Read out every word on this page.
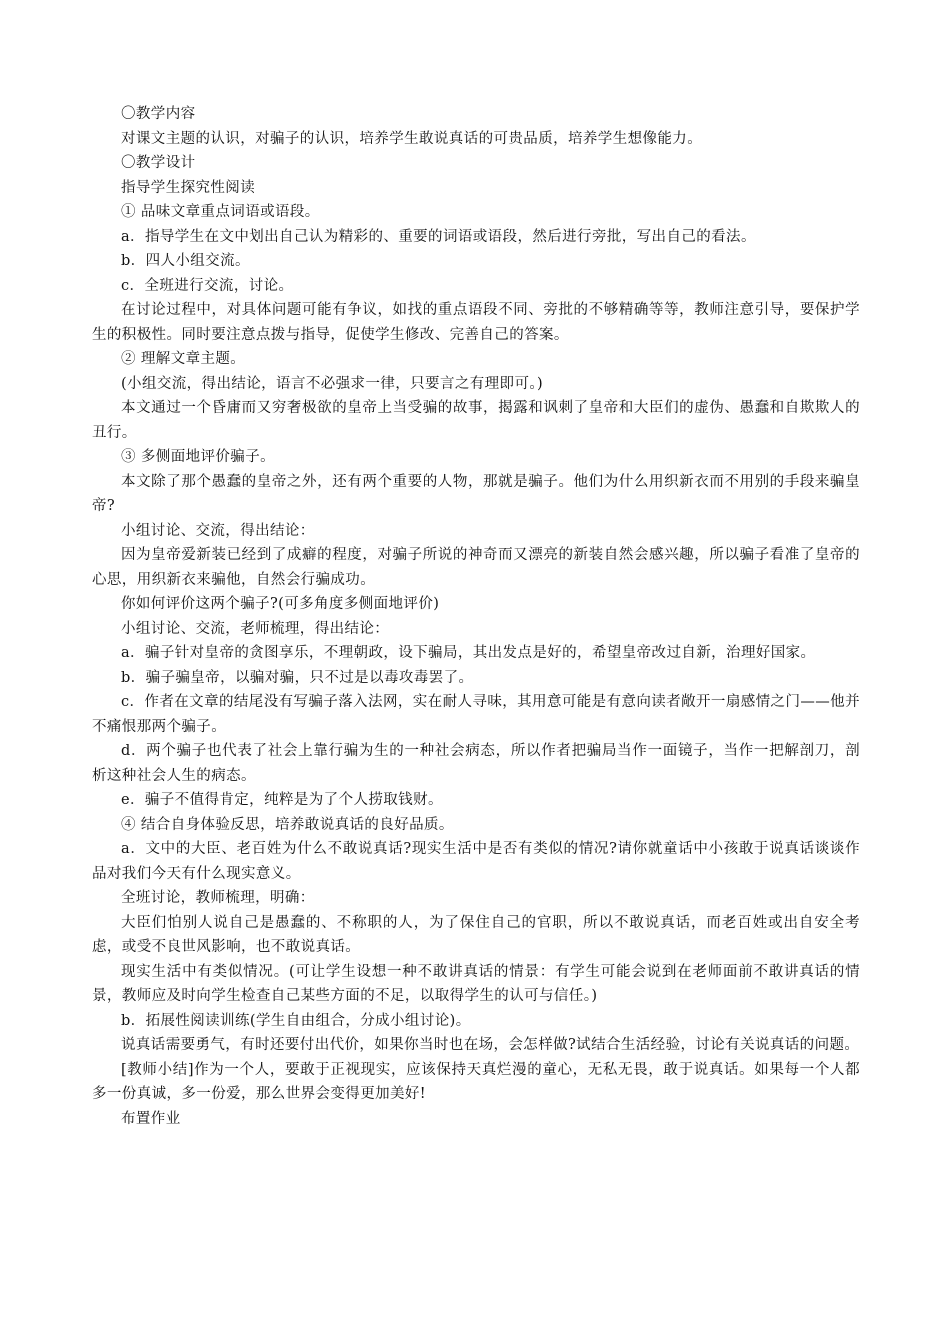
〇教学内容

对课文主题的认识，对骗子的认识，培养学生敢说真话的可贵品质，培养学生想像能力。

〇教学设计

指导学生探究性阅读

① 品味文章重点词语或语段。

a．指导学生在文中划出自己认为精彩的、重要的词语或语段，然后进行旁批，写出自己的看法。

b．四人小组交流。

c．全班进行交流，讨论。

在讨论过程中，对具体问题可能有争议，如找的重点语段不同、旁批的不够精确等等，教师注意引导，要保护学生的积极性。同时要注意点拨与指导，促使学生修改、完善自己的答案。

② 理解文章主题。

(小组交流，得出结论，语言不必强求一律，只要言之有理即可。)

本文通过一个昏庸而又穷奢极欲的皇帝上当受骗的故事，揭露和讽刺了皇帝和大臣们的虚伪、愚蠢和自欺欺人的丑行。

③ 多侧面地评价骗子。

本文除了那个愚蠢的皇帝之外，还有两个重要的人物，那就是骗子。他们为什么用织新衣而不用别的手段来骗皇帝?

小组讨论、交流，得出结论：

因为皇帝爱新装已经到了成癖的程度，对骗子所说的神奇而又漂亮的新装自然会感兴趣，所以骗子看准了皇帝的心思，用织新衣来骗他，自然会行骗成功。

你如何评价这两个骗子?(可多角度多侧面地评价)

小组讨论、交流，老师梳理，得出结论：

a．骗子针对皇帝的贪图享乐，不理朝政，设下骗局，其出发点是好的，希望皇帝改过自新，治理好国家。

b．骗子骗皇帝，以骗对骗，只不过是以毒攻毒罢了。

c．作者在文章的结尾没有写骗子落入法网，实在耐人寻味，其用意可能是有意向读者敞开一扇感情之门——他并不痛恨那两个骗子。

d．两个骗子也代表了社会上靠行骗为生的一种社会病态，所以作者把骗局当作一面镜子，当作一把解剖刀，剖析这种社会人生的病态。

e．骗子不值得肯定，纯粹是为了个人捞取钱财。

④ 结合自身体验反思，培养敢说真话的良好品质。

a．文中的大臣、老百姓为什么不敢说真话?现实生活中是否有类似的情况?请你就童话中小孩敢于说真话谈谈作品对我们今天有什么现实意义。

全班讨论，教师梳理，明确：

大臣们怕别人说自己是愚蠢的、不称职的人，为了保住自己的官职，所以不敢说真话，而老百姓或出自安全考虑，或受不良世风影响，也不敢说真话。

现实生活中有类似情况。(可让学生设想一种不敢讲真话的情景：有学生可能会说到在老师面前不敢讲真话的情景，教师应及时向学生检查自己某些方面的不足，以取得学生的认可与信任。)

b．拓展性阅读训练(学生自由组合，分成小组讨论)。

说真话需要勇气，有时还要付出代价，如果你当时也在场，会怎样做?试结合生活经验，讨论有关说真话的问题。

[教师小结]作为一个人，要敢于正视现实，应该保持天真烂漫的童心，无私无畏，敢于说真话。如果每一个人都多一份真诚，多一份爱，那么世界会变得更加美好!

布置作业
